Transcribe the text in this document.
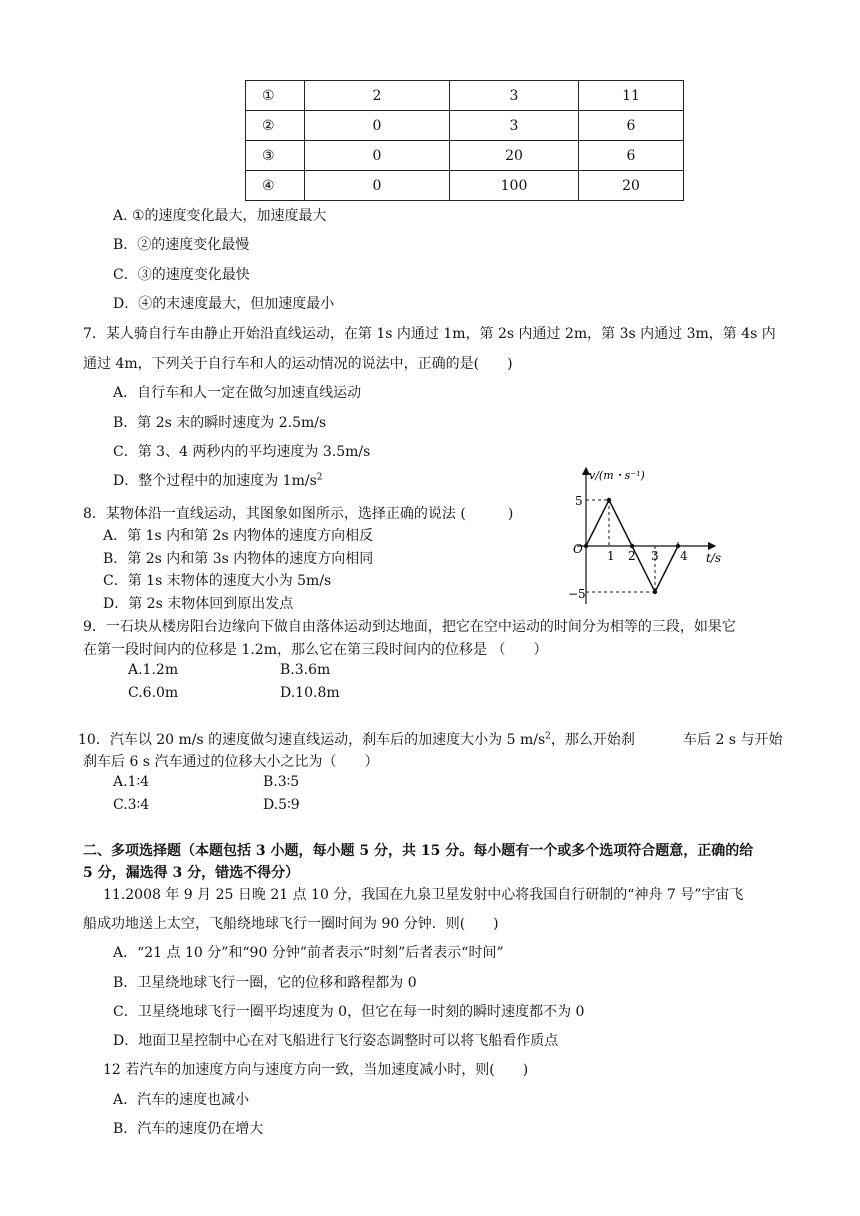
①	2	3	11
②	0	3	6
③	0	20	6
④	0	100	20
A. ①的速度变化最大，加速度最大
B．②的速度变化最慢
C．③的速度变化最快
D．④的末速度最大，但加速度最小
7．某人骑自行车由静止开始沿直线运动，在第 1s 内通过 1m，第 2s 内通过 2m，第 3s 内通过 3m，第 4s 内
通过 4m，下列关于自行车和人的运动情况的说法中，正确的是(　　)
A．自行车和人一定在做匀加速直线运动
B．第 2s 末的瞬时速度为 2.5m/s
C．第 3、4 两秒内的平均速度为 3.5m/s
D．整个过程中的加速度为 $1m/s^2$
8．某物体沿一直线运动，其图象如图所示，选择正确的说法 (　　　)
A．第 1s 内和第 2s 内物体的速度方向相反
B．第 2s 内和第 3s 内物体的速度方向相同
C．第 1s 末物体的速度大小为 5m/s
D．第 2s 末物体回到原出发点
v/(m・s⁻¹)
t/s
O
5
−5
1 2 3 4
9．一石块从楼房阳台边缘向下做自由落体运动到达地面，把它在空中运动的时间分为相等的三段，如果它
在第一段时间内的位移是 1.2m，那么它在第三段时间内的位移是 （　　）
A.1.2m	B.3.6m
C.6.0m	D.10.8m
10．汽车以 20 m/s 的速度做匀速直线运动，刹车后的加速度大小为 5 $m/s^2$，那么开始刹	车后 2 s 与开始
刹车后 6 s 汽车通过的位移大小之比为（　　）
A.1∶4	B.3∶5
C.3∶4	D.5∶9
二、多项选择题（本题包括 3 小题，每小题 5 分，共 15 分。每小题有一个或多个选项符合题意，正确的给
5 分，漏选得 3 分，错选不得分）
11.2008 年 9 月 25 日晚 21 点 10 分，我国在九泉卫星发射中心将我国自行研制的“神舟 7 号”宇宙飞
船成功地送上太空，飞船绕地球飞行一圈时间为 90 分钟．则(　　)
A．“21 点 10 分”和“90 分钟”前者表示“时刻”后者表示“时间”
B．卫星绕地球飞行一圈，它的位移和路程都为 0
C．卫星绕地球飞行一圈平均速度为 0，但它在每一时刻的瞬时速度都不为 0
D．地面卫星控制中心在对飞船进行飞行姿态调整时可以将飞船看作质点
12 若汽车的加速度方向与速度方向一致，当加速度减小时，则(　　)
A．汽车的速度也减小
B．汽车的速度仍在增大
